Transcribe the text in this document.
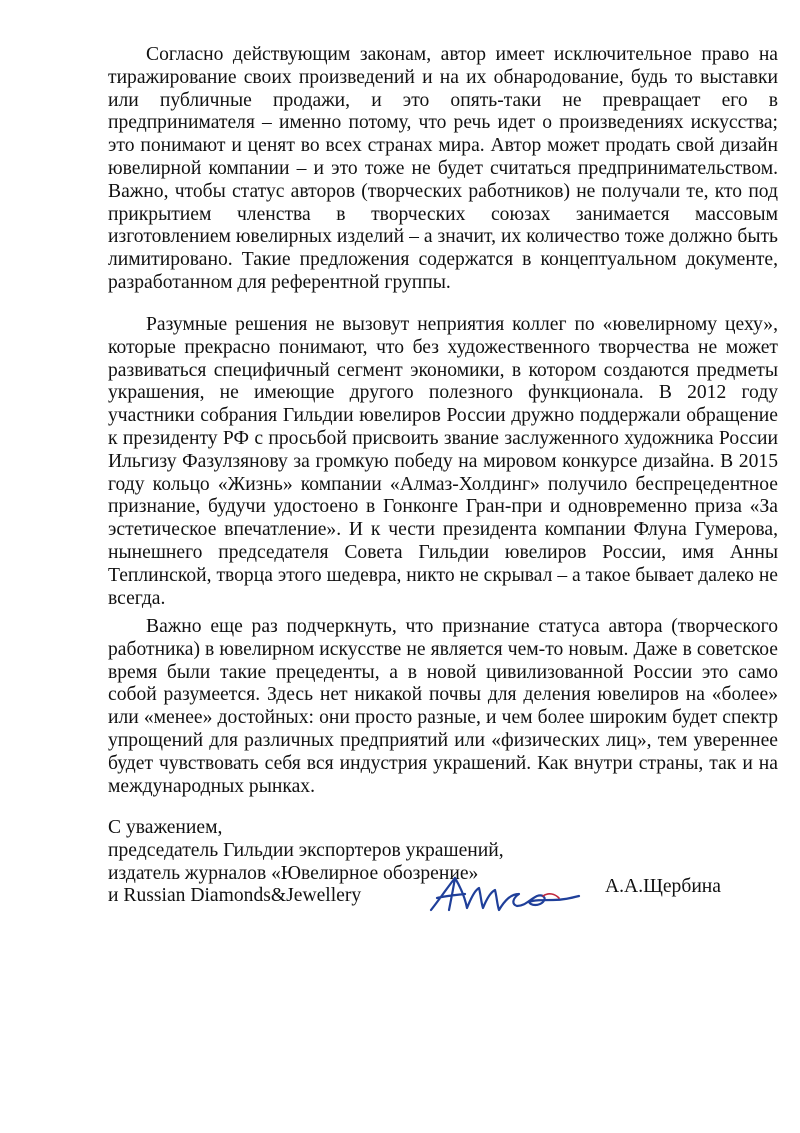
Согласно действующим законам, автор имеет исключительное право на тиражирование своих произведений и на их обнародование, будь то выставки или публичные продажи, и это опять-таки не превращает его в предпринимателя – именно потому, что речь идет о произведениях искусства; это понимают и ценят во всех странах мира. Автор может продать свой дизайн ювелирной компании – и это тоже не будет считаться предпринимательством. Важно, чтобы статус авторов (творческих работников) не получали те, кто под прикрытием членства в творческих союзах занимается массовым изготовлением ювелирных изделий – а значит, их количество тоже должно быть лимитировано. Такие предложения содержатся в концептуальном документе, разработанном для референтной группы.

Разумные решения не вызовут неприятия коллег по «ювелирному цеху», которые прекрасно понимают, что без художественного творчества не может развиваться специфичный сегмент экономики, в котором создаются предметы украшения, не имеющие другого полезного функционала. В 2012 году участники собрания Гильдии ювелиров России дружно поддержали обращение к президенту РФ с просьбой присвоить звание заслуженного художника России Ильгизу Фазулзянову за громкую победу на мировом конкурсе дизайна. В 2015 году кольцо «Жизнь» компании «Алмаз-Холдинг» получило беспрецедентное признание, будучи удостоено в Гонконге Гран-при и одновременно приза «За эстетическое впечатление». И к чести президента компании Флуна Гумерова, нынешнего председателя Совета Гильдии ювелиров России, имя Анны Теплинской, творца этого шедевра, никто не скрывал – а такое бывает далеко не всегда.

Важно еще раз подчеркнуть, что признание статуса автора (творческого работника) в ювелирном искусстве не является чем-то новым. Даже в советское время были такие прецеденты, а в новой цивилизованной России это само собой разумеется. Здесь нет никакой почвы для деления ювелиров на «более» или «менее» достойных: они просто разные, и чем более широким будет спектр упрощений для различных предприятий или «физических лиц», тем увереннее будет чувствовать себя вся индустрия украшений. Как внутри страны, так и на международных рынках.

С уважением,
председатель Гильдии экспортеров украшений,
издатель журналов «Ювелирное обозрение»
и Russian Diamonds&Jewellery	А.А.Щербина
